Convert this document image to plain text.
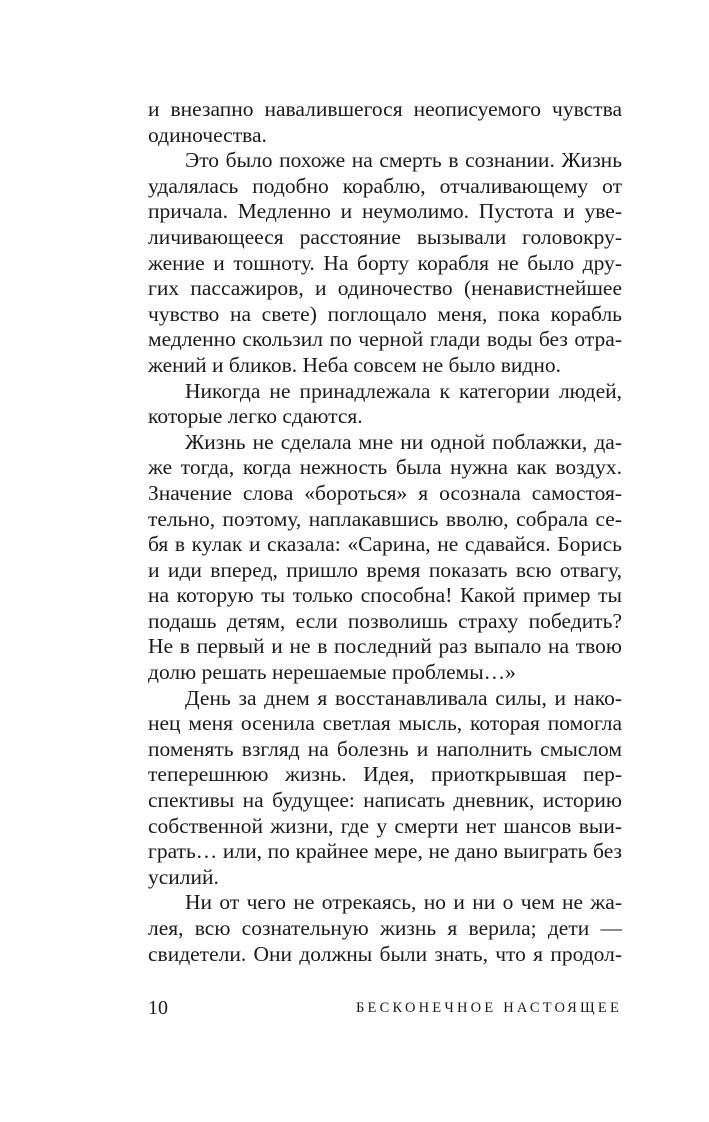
и внезапно навалившегося неописуемого чувства
одиночества.
Это было похоже на смерть в сознании. Жизнь
удалялась подобно кораблю, отчаливающему от
причала. Медленно и неумолимо. Пустота и уве-
личивающееся расстояние вызывали головокру-
жение и тошноту. На борту корабля не было дру-
гих пассажиров, и одиночество (ненавистнейшее
чувство на свете) поглощало меня, пока корабль
медленно скользил по черной глади воды без отра-
жений и бликов. Неба совсем не было видно.
Никогда не принадлежала к категории людей,
которые легко сдаются.
Жизнь не сделала мне ни одной поблажки, да-
же тогда, когда нежность была нужна как воздух.
Значение слова «бороться» я осознала самостоя-
тельно, поэтому, наплакавшись вволю, собрала се-
бя в кулак и сказала: «Сарина, не сдавайся. Борись
и иди вперед, пришло время показать всю отвагу,
на которую ты только способна! Какой пример ты
подашь детям, если позволишь страху победить?
Не в первый и не в последний раз выпало на твою
долю решать нерешаемые проблемы…»
День за днем я восстанавливала силы, и нако-
нец меня осенила светлая мысль, которая помогла
поменять взгляд на болезнь и наполнить смыслом
теперешнюю жизнь. Идея, приоткрывшая пер-
спективы на будущее: написать дневник, историю
собственной жизни, где у смерти нет шансов выи-
грать… или, по крайнее мере, не дано выиграть без
усилий.
Ни от чего не отрекаясь, но и ни о чем не жа-
лея, всю сознательную жизнь я верила; дети —
свидетели. Они должны были знать, что я продол-
10	БЕСКОНЕЧНОЕ НАСТОЯЩЕЕ
